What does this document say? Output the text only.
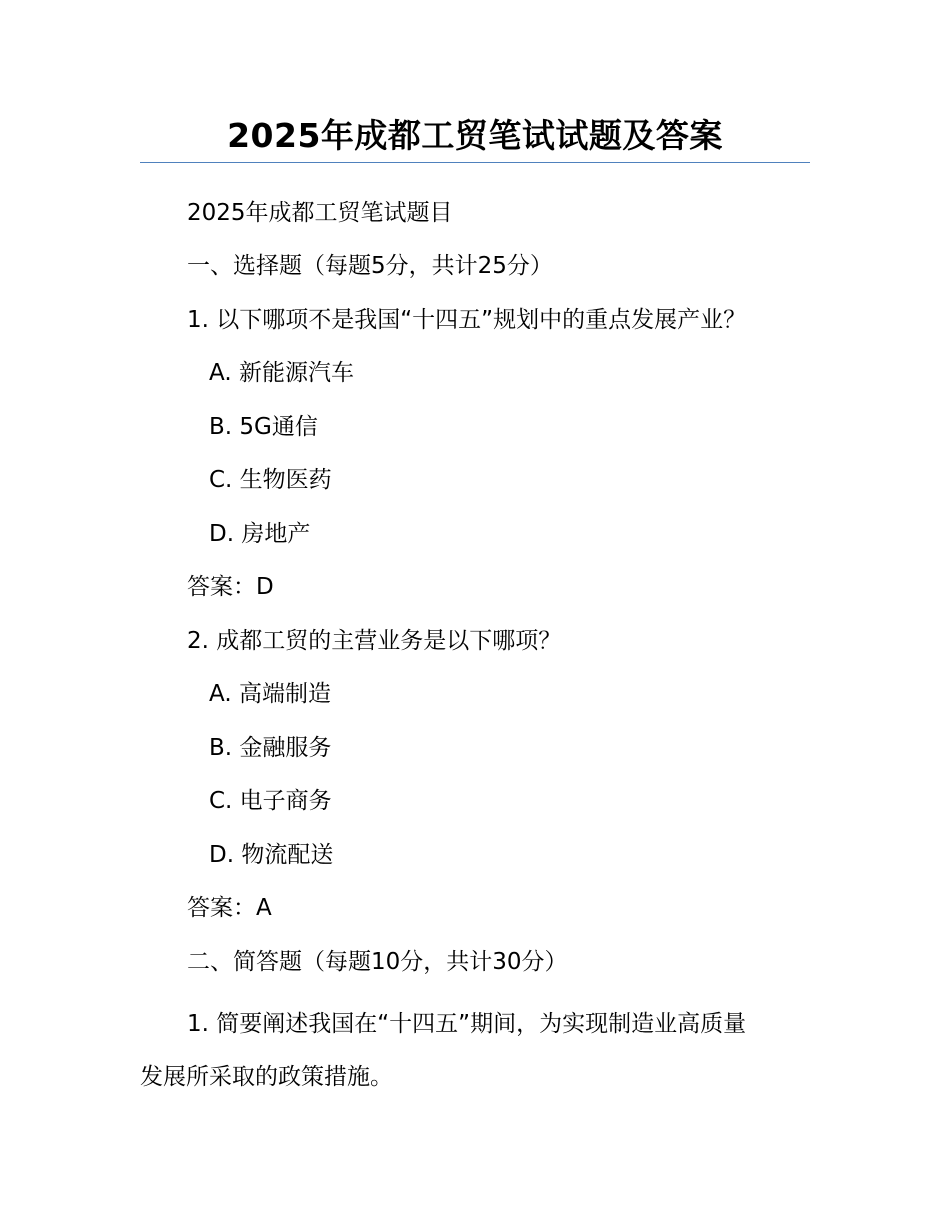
2025年成都工贸笔试试题及答案
2025年成都工贸笔试题目
一、选择题（每题5分，共计25分）
1. 以下哪项不是我国“十四五”规划中的重点发展产业？
A. 新能源汽车
B. 5G通信
C. 生物医药
D. 房地产
答案：D
2. 成都工贸的主营业务是以下哪项？
A. 高端制造
B. 金融服务
C. 电子商务
D. 物流配送
答案：A
二、简答题（每题10分，共计30分）
1. 简要阐述我国在“十四五”期间，为实现制造业高质量
发展所采取的政策措施。
